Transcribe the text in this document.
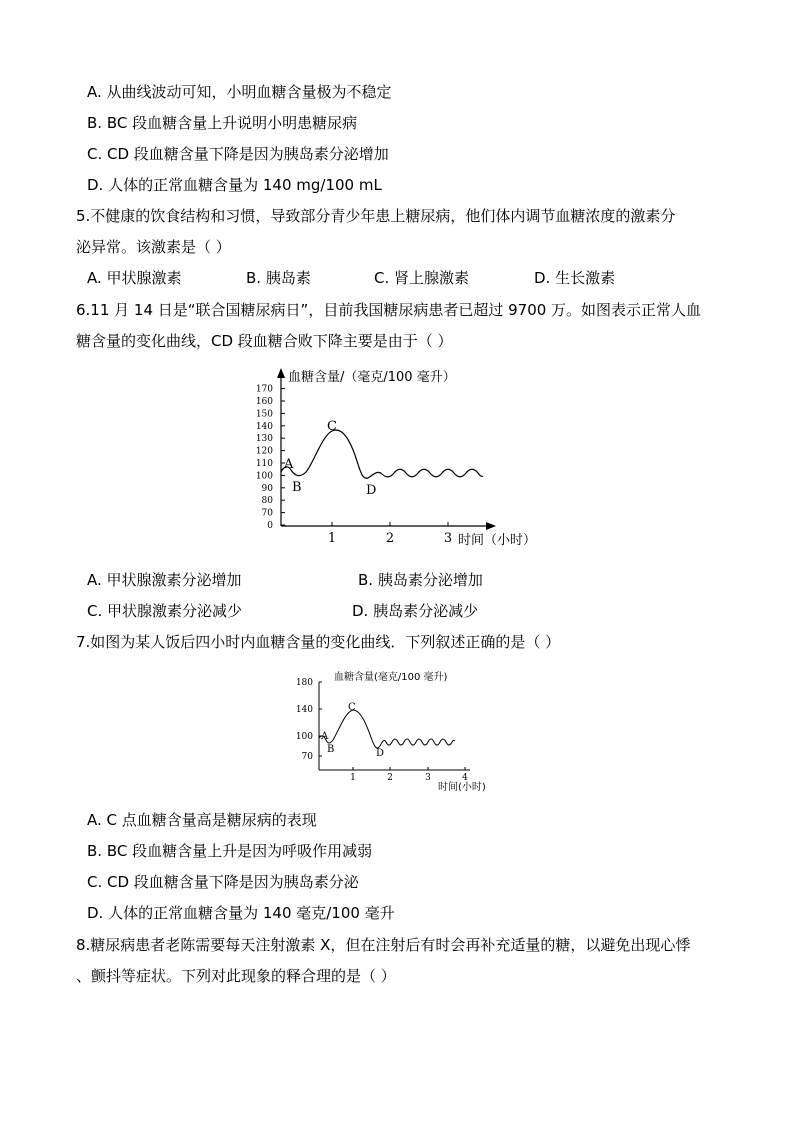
A. 从曲线波动可知，小明血糖含量极为不稳定
B. BC 段血糖含量上升说明小明患糖尿病
C. CD 段血糖含量下降是因为胰岛素分泌增加
D. 人体的正常血糖含量为 140 mg/100 mL
5.不健康的饮食结构和习惯，导致部分青少年患上糖尿病，他们体内调节血糖浓度的激素分
泌异常。该激素是（ ）
A. 甲状腺激素	B. 胰岛素	C. 肾上腺激素	D. 生长激素
6.11 月 14 日是“联合国糖尿病日”，目前我国糖尿病患者已超过 9700 万。如图表示正常人血
糖含量的变化曲线，CD 段血糖合败下降主要是由于（ ）
0
70
80
90
100
110
120
130
140
150
160
170
1	2	3
血糖含量/（毫克/100 毫升）
时间（小时）
A
B
C
D
A. 甲状腺激素分泌增加	B. 胰岛素分泌增加
C. 甲状腺激素分泌减少	D. 胰岛素分泌减少
7.如图为某人饭后四小时内血糖含量的变化曲线．下列叙述正确的是（ ）
70
100
140
180
1	2	3	4
血糖含量(毫克/100 毫升)
时间(小时)
A
B
C
D
A. C 点血糖含量高是糖尿病的表现
B. BC 段血糖含量上升是因为呼吸作用减弱
C. CD 段血糖含量下降是因为胰岛素分泌
D. 人体的正常血糖含量为 140 毫克/100 毫升
8.糖尿病患者老陈需要每天注射激素 X，但在注射后有时会再补充适量的糖，以避免出现心悸
、颤抖等症状。下列对此现象的释合理的是（ ）
